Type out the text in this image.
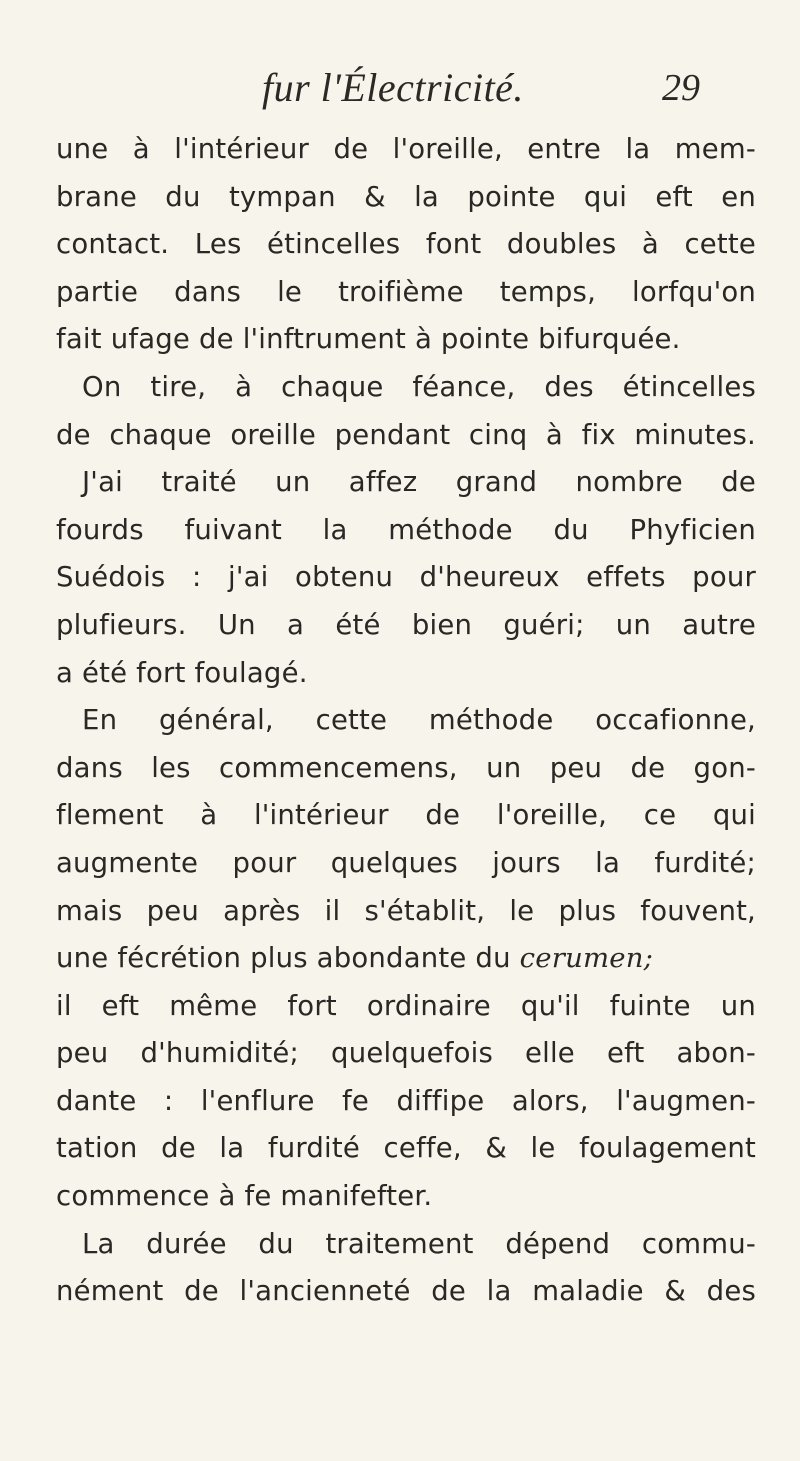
fur l'Électricité.	29
une à l'intérieur de l'oreille, entre la mem-
brane du tympan & la pointe qui eft en
contact. Les étincelles font doubles à cette
partie dans le troifième temps, lorfqu'on
fait ufage de l'inftrument à pointe bifurquée.
On tire, à chaque féance, des étincelles
de chaque oreille pendant cinq à fix minutes.
J'ai traité un affez grand nombre de
fourds fuivant la méthode du Phyficien
Suédois : j'ai obtenu d'heureux effets pour
plufieurs. Un a été bien guéri; un autre
a été fort foulagé.
En général, cette méthode occafionne,
dans les commencemens, un peu de gon-
flement à l'intérieur de l'oreille, ce qui
augmente pour quelques jours la furdité;
mais peu après il s'établit, le plus fouvent,
une fécrétion plus abondante du cerumen;
il eft même fort ordinaire qu'il fuinte un
peu d'humidité; quelquefois elle eft abon-
dante : l'enflure fe diffipe alors, l'augmen-
tation de la furdité ceffe, & le foulagement
commence à fe manifefter.
La durée du traitement dépend commu-
nément de l'ancienneté de la maladie & des
